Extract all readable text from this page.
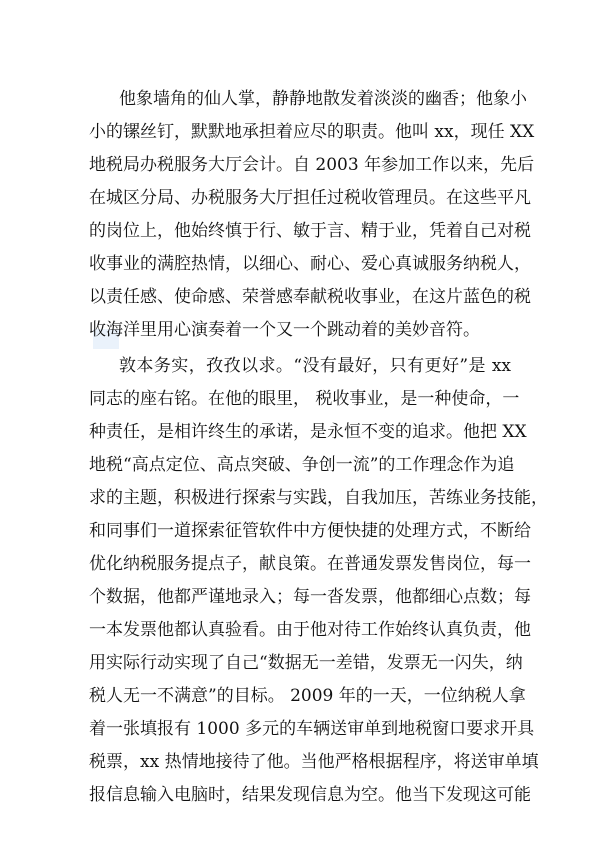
他象墙角的仙人掌，静静地散发着淡淡的幽香；他象小
小的镙丝钉，默默地承担着应尽的职责。他叫 xx，现任 XX
地税局办税服务大厅会计。自 2003 年参加工作以来，先后
在城区分局、办税服务大厅担任过税收管理员。在这些平凡
的岗位上，他始终慎于行、敏于言、精于业，凭着自己对税
收事业的满腔热情，以细心、耐心、爱心真诚服务纳税人，
以责任感、使命感、荣誉感奉献税收事业，在这片蓝色的税
收海洋里用心演奏着一个又一个跳动着的美妙音符。
敦本务实，孜孜以求。“没有最好，只有更好”是 xx
同志的座右铭。在他的眼里， 税收事业，是一种使命，一
种责任，是相许终生的承诺，是永恒不变的追求。他把 XX
地税“高点定位、高点突破、争创一流”的工作理念作为追
求的主题，积极进行探索与实践，自我加压，苦练业务技能，
和同事们一道探索征管软件中方便快捷的处理方式，不断给
优化纳税服务提点子，献良策。在普通发票发售岗位，每一
个数据，他都严谨地录入；每一沓发票，他都细心点数；每
一本发票他都认真验看。由于他对待工作始终认真负责，他
用实际行动实现了自己“数据无一差错，发票无一闪失，纳
税人无一不满意”的目标。 2009 年的一天，一位纳税人拿
着一张填报有 1000 多元的车辆送审单到地税窗口要求开具
税票，xx 热情地接待了他。当他严格根据程序，将送审单填
报信息输入电脑时，结果发现信息为空。他当下发现这可能
